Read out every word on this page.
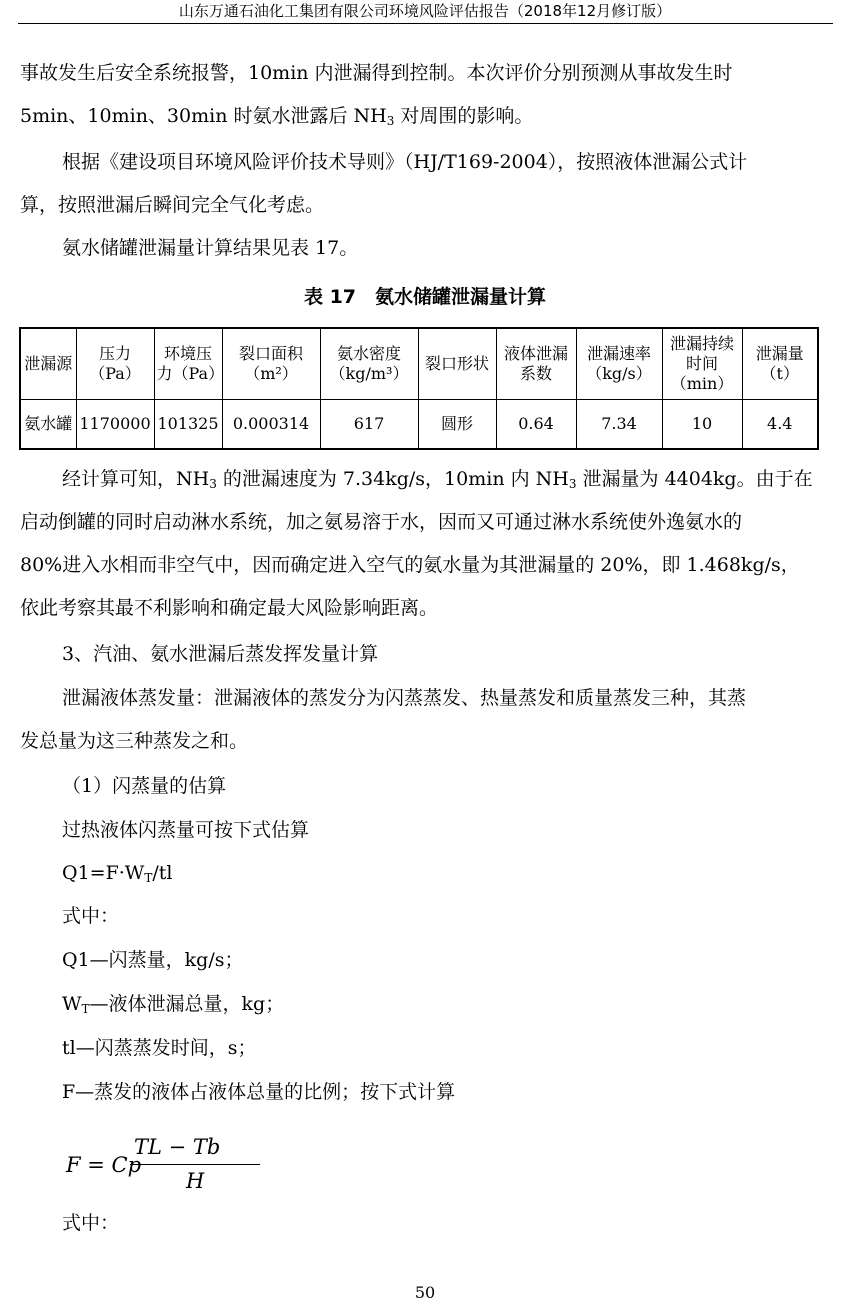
山东万通石油化工集团有限公司环境风险评估报告（2018年12月修订版）
事故发生后安全系统报警，10min 内泄漏得到控制。本次评价分别预测从事故发生时
5min、10min、30min 时氨水泄露后 $NH_3$ 对周围的影响。
根据《建设项目环境风险评价技术导则》（HJ/T169-2004），按照液体泄漏公式计
算，按照泄漏后瞬间完全气化考虑。
氨水储罐泄漏量计算结果见表 17。
表 17　氨水储罐泄漏量计算
泄漏源	压力（Pa）	环境压力（Pa）	裂口面积（m²）	氨水密度（kg/m³）	裂口形状	液体泄漏系数	泄漏速率（kg/s）	泄漏持续时间（min）	泄漏量（t）
氨水罐	1170000	101325	0.000314	617	圆形	0.64	7.34	10	4.4
经计算可知，$NH_3$ 的泄漏速度为 7.34kg/s，10min 内 $NH_3$ 泄漏量为 4404kg。由于在
启动倒罐的同时启动淋水系统，加之氨易溶于水，因而又可通过淋水系统使外逸氨水的
80%进入水相而非空气中，因而确定进入空气的氨水量为其泄漏量的 20%，即 1.468kg/s，
依此考察其最不利影响和确定最大风险影响距离。
3、汽油、氨水泄漏后蒸发挥发量计算
泄漏液体蒸发量：泄漏液体的蒸发分为闪蒸蒸发、热量蒸发和质量蒸发三种，其蒸
发总量为这三种蒸发之和。
（1）闪蒸量的估算
过热液体闪蒸量可按下式估算
$Q1=F\cdot W_T/tl$
式中：
Q1—闪蒸量，kg/s；
$W_T—$液体泄漏总量，kg；
tl—闪蒸蒸发时间，s；
F—蒸发的液体占液体总量的比例；按下式计算
F = Cp
TL − Tb
H
式中：
50
